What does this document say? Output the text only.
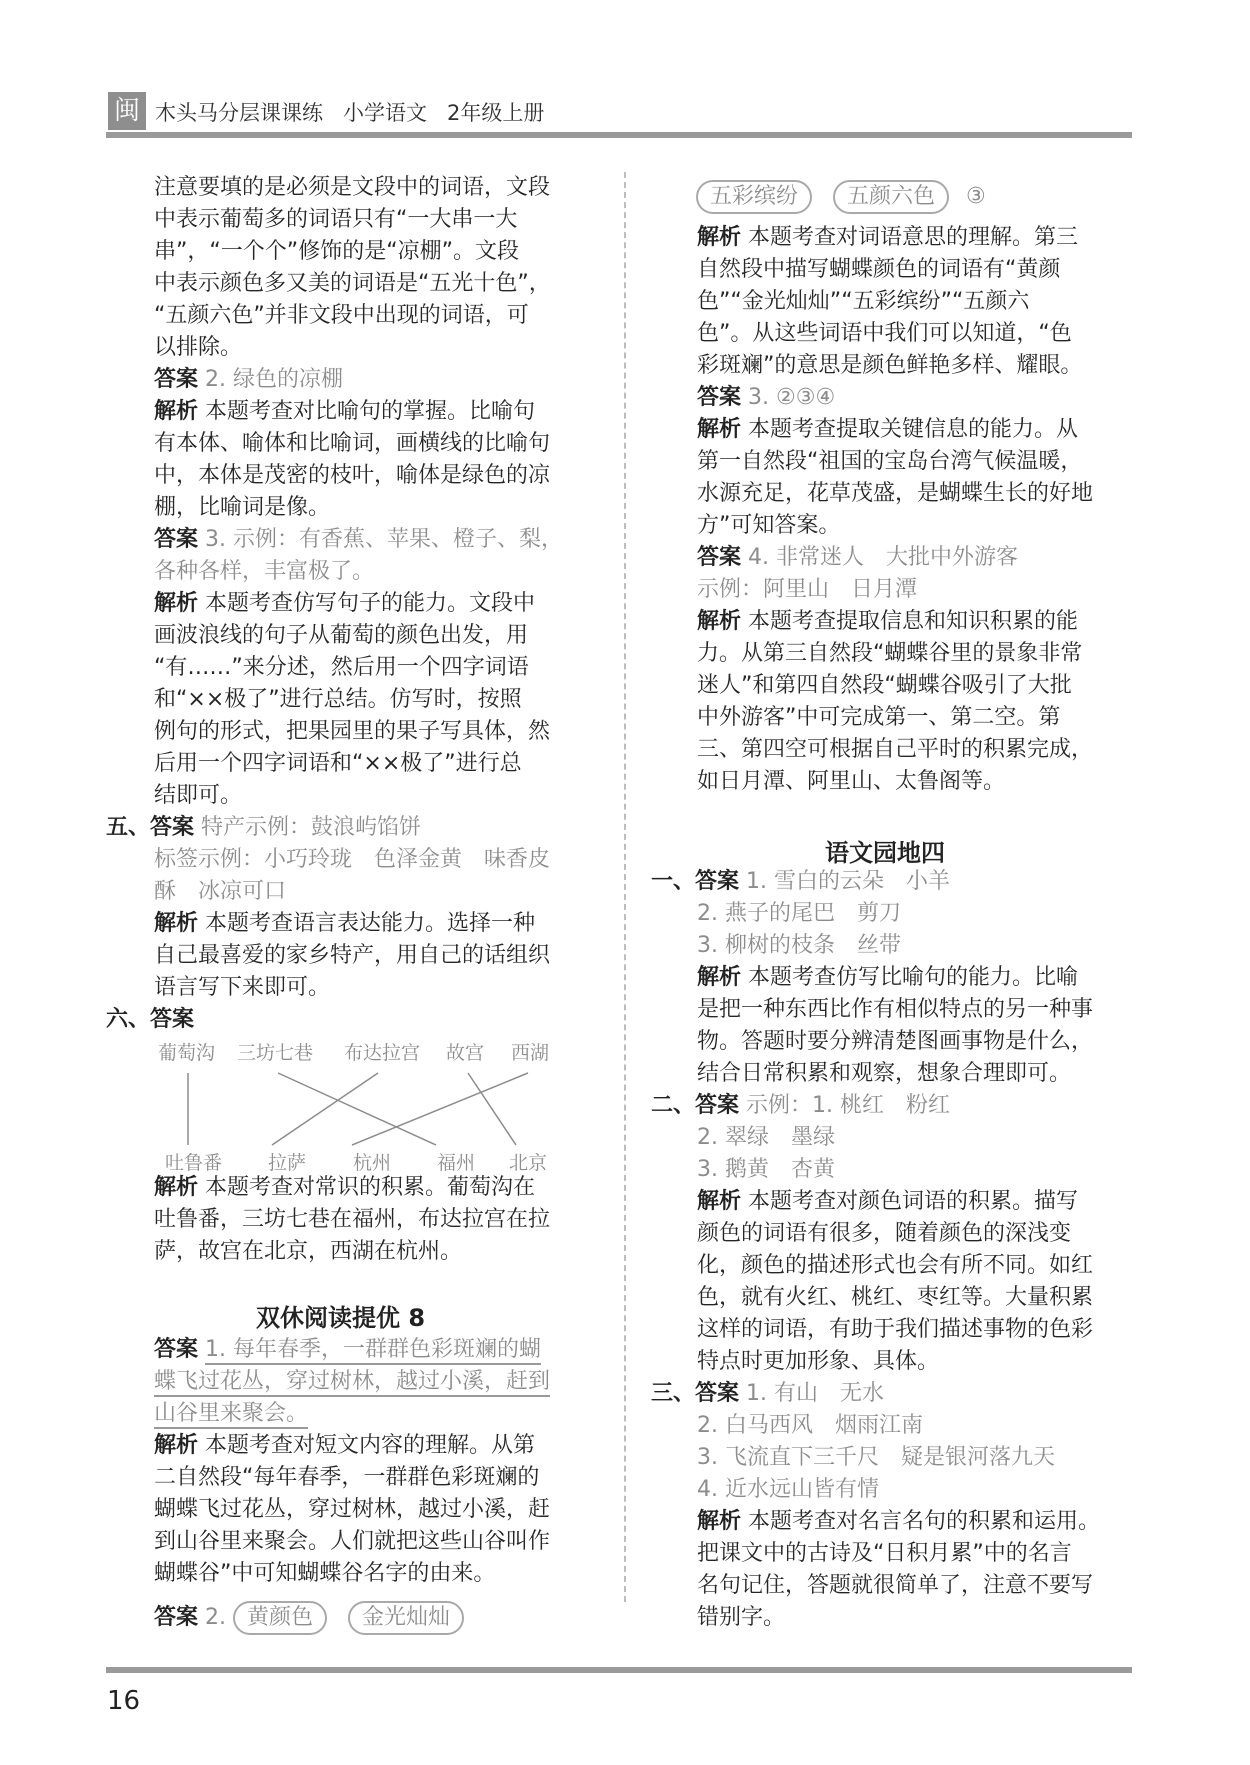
闽 木头马分层课课练   小学语文   2年级上册
注意要填的是必须是文段中的词语，文段
中表示葡萄多的词语只有“一大串一大
串”，“一个个”修饰的是“凉棚”。文段
中表示颜色多又美的词语是“五光十色”，
“五颜六色”并非文段中出现的词语，可
以排除。
答案 2. 绿色的凉棚
解析 本题考查对比喻句的掌握。比喻句
有本体、喻体和比喻词，画横线的比喻句
中，本体是茂密的枝叶，喻体是绿色的凉
棚，比喻词是像。
答案 3. 示例：有香蕉、苹果、橙子、梨，
各种各样，丰富极了。
解析 本题考查仿写句子的能力。文段中
画波浪线的句子从葡萄的颜色出发，用
“有……”来分述，然后用一个四字词语
和“××极了”进行总结。仿写时，按照
例句的形式，把果园里的果子写具体，然
后用一个四字词语和“××极了”进行总
结即可。
五、答案 特产示例：鼓浪屿馅饼
标签示例：小巧玲珑　色泽金黄　味香皮
酥　冰凉可口
解析 本题考查语言表达能力。选择一种
自己最喜爱的家乡特产，用自己的话组织
语言写下来即可。
六、答案
葡萄沟 三坊七巷 布达拉宫 故宫 西湖
吐鲁番 拉萨 杭州 福州 北京
解析 本题考查对常识的积累。葡萄沟在
吐鲁番，三坊七巷在福州，布达拉宫在拉
萨，故宫在北京，西湖在杭州。
双休阅读提优 8
答案 1. 每年春季，一群群色彩斑斓的蝴
蝶飞过花丛，穿过树林，越过小溪，赶到
山谷里来聚会。
解析 本题考查对短文内容的理解。从第
二自然段“每年春季，一群群色彩斑斓的
蝴蝶飞过花丛，穿过树林，越过小溪，赶
到山谷里来聚会。人们就把这些山谷叫作
蝴蝶谷”中可知蝴蝶谷名字的由来。
答案 2. 黄颜色 金光灿灿
五彩缤纷 五颜六色 ③
解析 本题考查对词语意思的理解。第三
自然段中描写蝴蝶颜色的词语有“黄颜
色”“金光灿灿”“五彩缤纷”“五颜六
色”。从这些词语中我们可以知道，“色
彩斑斓”的意思是颜色鲜艳多样、耀眼。
答案 3. ②③④
解析 本题考查提取关键信息的能力。从
第一自然段“祖国的宝岛台湾气候温暖，
水源充足，花草茂盛，是蝴蝶生长的好地
方”可知答案。
答案 4. 非常迷人　大批中外游客
示例：阿里山　日月潭
解析 本题考查提取信息和知识积累的能
力。从第三自然段“蝴蝶谷里的景象非常
迷人”和第四自然段“蝴蝶谷吸引了大批
中外游客”中可完成第一、第二空。第
三、第四空可根据自己平时的积累完成，
如日月潭、阿里山、太鲁阁等。
语文园地四
一、答案 1. 雪白的云朵　小羊
2. 燕子的尾巴　剪刀
3. 柳树的枝条　丝带
解析 本题考查仿写比喻句的能力。比喻
是把一种东西比作有相似特点的另一种事
物。答题时要分辨清楚图画事物是什么，
结合日常积累和观察，想象合理即可。
二、答案 示例：1. 桃红　粉红
2. 翠绿　墨绿
3. 鹅黄　杏黄
解析 本题考查对颜色词语的积累。描写
颜色的词语有很多，随着颜色的深浅变
化，颜色的描述形式也会有所不同。如红
色，就有火红、桃红、枣红等。大量积累
这样的词语，有助于我们描述事物的色彩
特点时更加形象、具体。
三、答案 1. 有山　无水
2. 白马西风　烟雨江南
3. 飞流直下三千尺　疑是银河落九天
4. 近水远山皆有情
解析 本题考查对名言名句的积累和运用。
把课文中的古诗及“日积月累”中的名言
名句记住，答题就很简单了，注意不要写
错别字。
16
